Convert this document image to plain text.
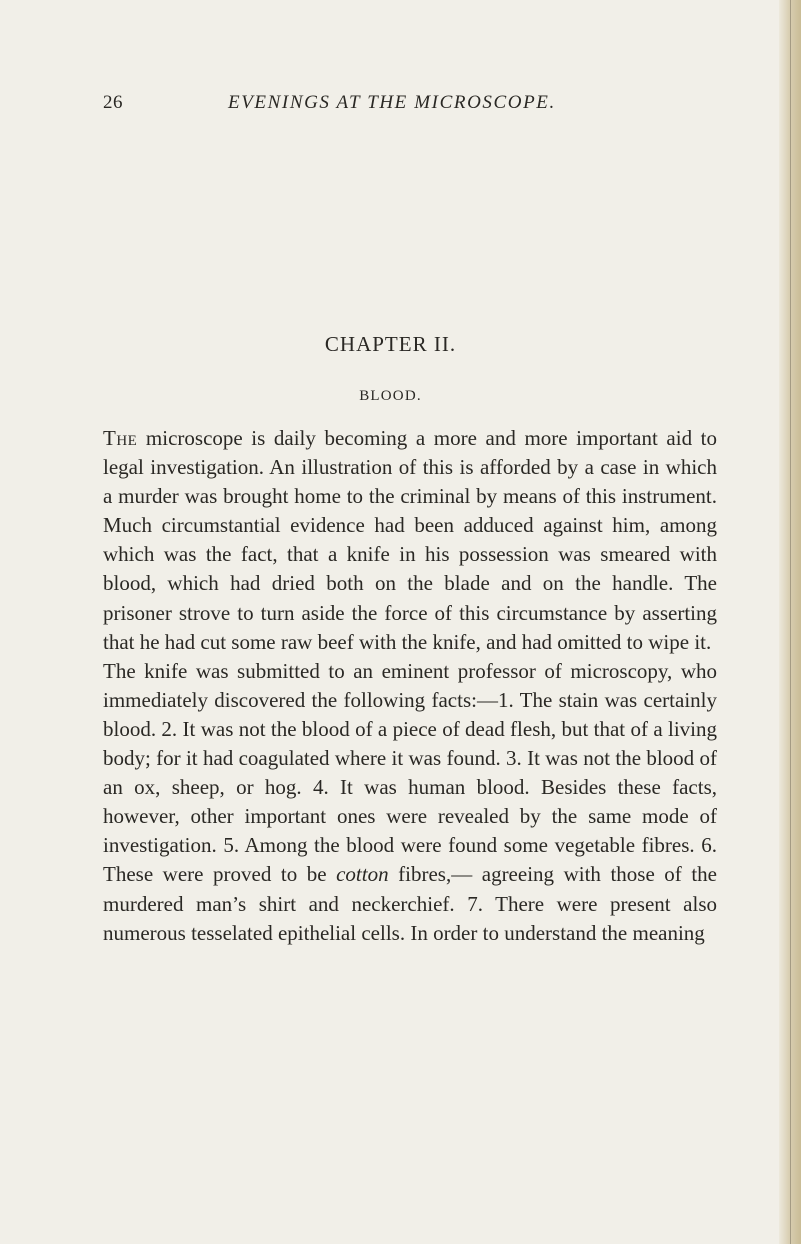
26	EVENINGS AT THE MICROSCOPE.
CHAPTER II.
BLOOD.

The microscope is daily becoming a more and more important aid to legal investigation. An illustration of this is afforded by a case in which a murder was brought home to the criminal by means of this instrument. Much circumstantial evidence had been adduced against him, among which was the fact, that a knife in his possession was smeared with blood, which had dried both on the blade and on the handle. The prisoner strove to turn aside the force of this circumstance by asserting that he had cut some raw beef with the knife, and had omitted to wipe it.

The knife was submitted to an eminent professor of microscopy, who immediately discovered the following facts:—1. The stain was certainly blood. 2. It was not the blood of a piece of dead flesh, but that of a living body; for it had coagulated where it was found. 3. It was not the blood of an ox, sheep, or hog. 4. It was human blood. Besides these facts, however, other important ones were revealed by the same mode of investigation. 5. Among the blood were found some vegetable fibres. 6. These were proved to be cotton fibres,— agreeing with those of the murdered man’s shirt and neckerchief. 7. There were present also numerous tesselated epithelial cells. In order to understand the meaning
